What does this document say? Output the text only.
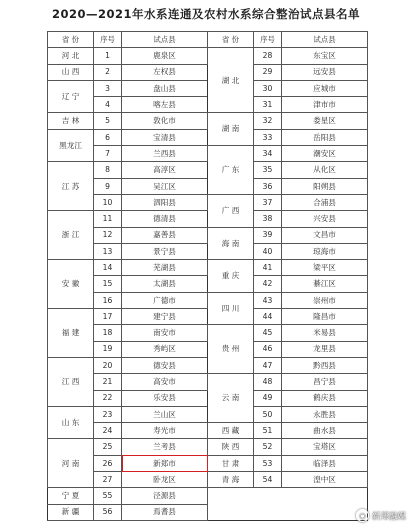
2020—2021年水系连通及农村水系综合整治试点县名单
省 份	序号	试点县	省 份	序号	试点县
河 北	1	鹿泉区	湖 北	28	东宝区
山 西	2	左权县		29	远安县
辽 宁	3	盘山县		30	应城市
	4	喀左县		31	津市市
吉 林	5	敦化市	湖 南	32	娄星区
黑龙江	6	宝清县		33	岳阳县
	7	兰西县	广 东	34	潮安区
江 苏	8	高淳区		35	从化区
	9	吴江区		36	阳朔县
	10	泗阳县	广 西	37	合浦县
浙 江	11	德清县		38	兴安县
	12	嘉善县	海 南	39	文昌市
	13	景宁县		40	琼海市
安 徽	14	芜湖县	重 庆	41	梁平区
	15	太湖县		42	綦江区
	16	广德市	四 川	43	崇州市
福 建	17	建宁县		44	隆昌市
	18	南安市	贵 州	45	米易县
	19	秀屿区		46	龙里县
江 西	20	德安县		47	黔西县
	21	高安市	云 南	48	昌宁县
	22	乐安县		49	鹤庆县
山 东	23	兰山区		50	永胜县
	24	寿光市	西 藏	51	曲水县
河 南	25	兰考县	陕 西	52	宝塔区
	26	新郑市	甘 肃	53	临泽县
	27	卧龙区	青 海	54	湟中区
宁 夏	55	泾源县			
新 疆	56	焉耆县				◉ 新郑融媒
